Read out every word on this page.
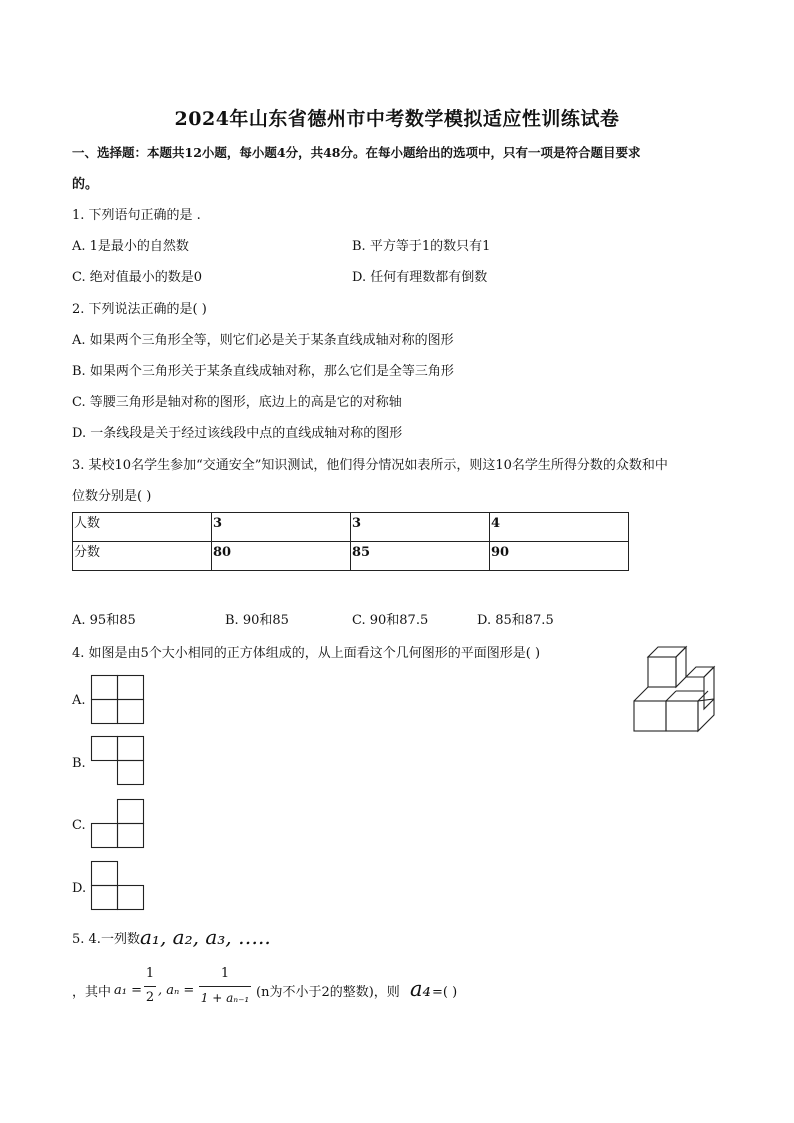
2024年山东省德州市中考数学模拟适应性训练试卷
一、选择题：本题共12小题，每小题4分，共48分。在每小题给出的选项中，只有一项是符合题目要求
的。
1. 下列语句正确的是 .
A. 1是最小的自然数	B. 平方等于1的数只有1
C. 绝对值最小的数是0	D. 任何有理数都有倒数
2. 下列说法正确的是( )
A. 如果两个三角形全等，则它们必是关于某条直线成轴对称的图形
B. 如果两个三角形关于某条直线成轴对称，那么它们是全等三角形
C. 等腰三角形是轴对称的图形，底边上的高是它的对称轴
D. 一条线段是关于经过该线段中点的直线成轴对称的图形
3. 某校10名学生参加“交通安全”知识测试，他们得分情况如表所示，则这10名学生所得分数的众数和中
位数分别是( )
人数	3	3	4
分数	80	85	90
A. 95和85	B. 90和85	C. 90和87.5	D. 85和87.5
4. 如图是由5个大小相同的正方体组成的，从上面看这个几何图形的平面图形是( )
A.
B.
C.
D.
5. 4.一列数 a₁, a₂, a₃, …..
，其中 a₁ =
1
2 , aₙ =
1
1 + aₙ₋₁ (n为不小于2的整数)，则 a₄ =( )
